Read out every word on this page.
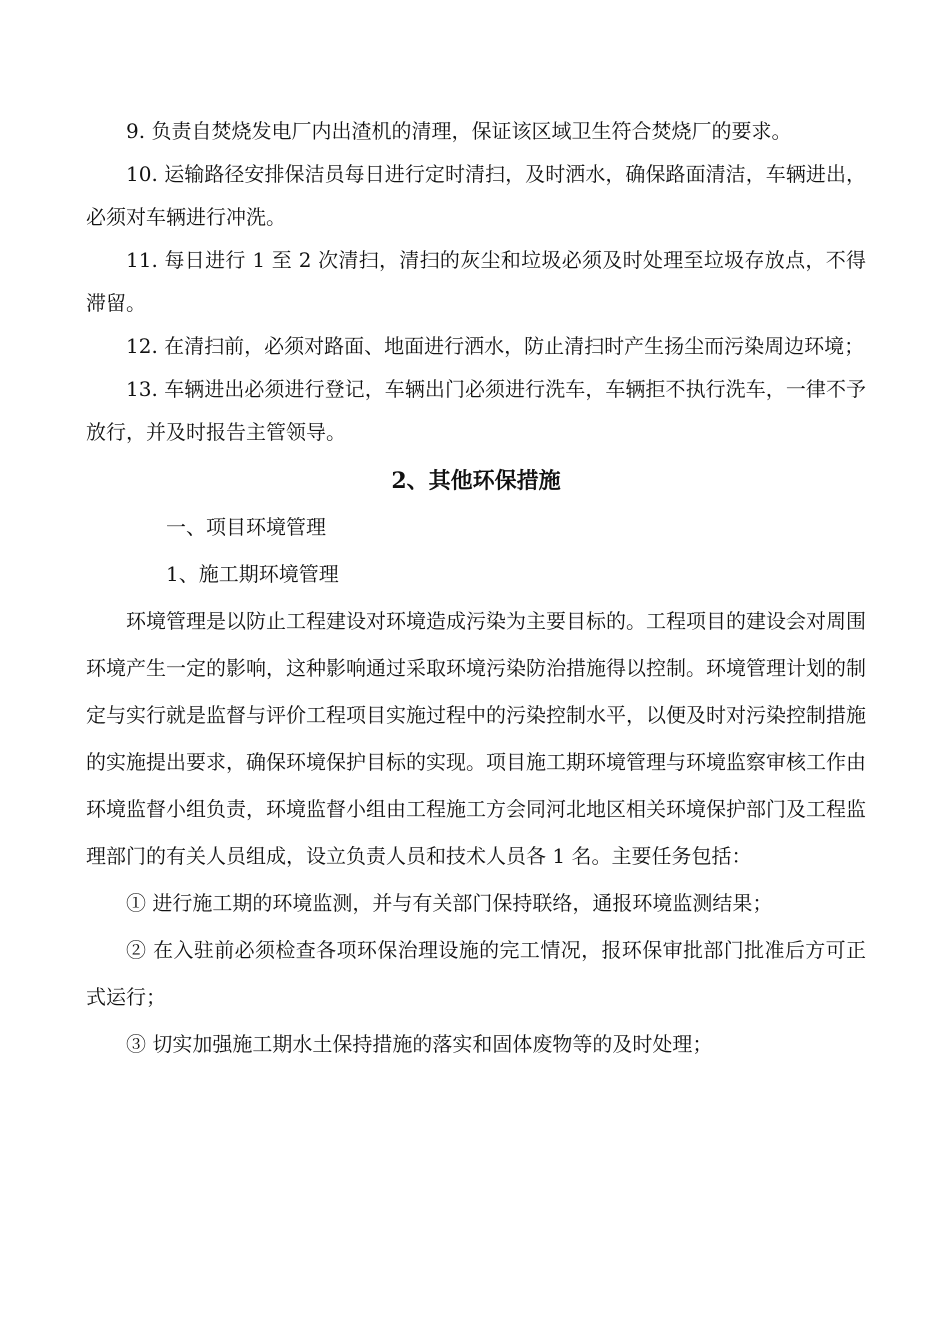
9. 负责自焚烧发电厂内出渣机的清理，保证该区域卫生符合焚烧厂的要求。

10. 运输路径安排保洁员每日进行定时清扫，及时洒水，确保路面清洁，车辆进出，必须对车辆进行冲洗。

11. 每日进行 1 至 2 次清扫，清扫的灰尘和垃圾必须及时处理至垃圾存放点，不得滞留。

12. 在清扫前，必须对路面、地面进行洒水，防止清扫时产生扬尘而污染周边环境；

13. 车辆进出必须进行登记，车辆出门必须进行洗车，车辆拒不执行洗车，一律不予放行，并及时报告主管领导。

2、其他环保措施

一、项目环境管理

1、施工期环境管理

环境管理是以防止工程建设对环境造成污染为主要目标的。工程项目的建设会对周围环境产生一定的影响，这种影响通过采取环境污染防治措施得以控制。环境管理计划的制定与实行就是监督与评价工程项目实施过程中的污染控制水平，以便及时对污染控制措施的实施提出要求，确保环境保护目标的实现。项目施工期环境管理与环境监察审核工作由环境监督小组负责，环境监督小组由工程施工方会同河北地区相关环境保护部门及工程监理部门的有关人员组成，设立负责人员和技术人员各 1 名。主要任务包括：

① 进行施工期的环境监测，并与有关部门保持联络，通报环境监测结果；

② 在入驻前必须检查各项环保治理设施的完工情况，报环保审批部门批准后方可正式运行；

③ 切实加强施工期水土保持措施的落实和固体废物等的及时处理；
